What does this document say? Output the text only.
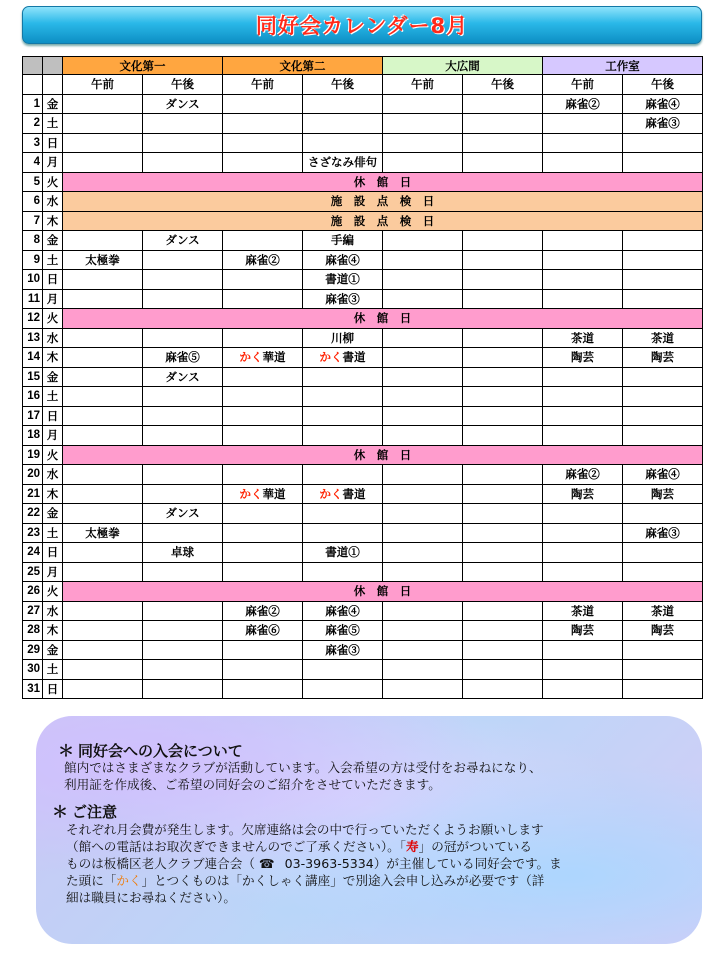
同好会カレンダー8月
		文化第一		文化第二		大広間		工作室	
		午前	午後	午前	午後	午前	午後	午前	午後
1	金		ダンス					麻雀②	麻雀④
2	土								麻雀③
3	日								
4	月				さざなみ俳句				
5	火	休　館　日							
6	水	施　設　点　検　日							
7	木	施　設　点　検　日							
8	金		ダンス		手編				
9	土	太極拳		麻雀②	麻雀④				
10	日				書道①				
11	月				麻雀③				
12	火	休　館　日							
13	水				川柳			茶道	茶道
14	木		麻雀⑤	かく華道	かく書道			陶芸	陶芸
15	金		ダンス						
16	土								
17	日								
18	月								
19	火	休　館　日							
20	水							麻雀②	麻雀④
21	木			かく華道	かく書道			陶芸	陶芸
22	金		ダンス						
23	土	太極拳							麻雀③
24	日		卓球		書道①				
25	月								
26	火	休　館　日							
27	水			麻雀②	麻雀④			茶道	茶道
28	木			麻雀⑥	麻雀⑤			陶芸	陶芸
29	金				麻雀③				
30	土								
31	日								
＊ 同好会への入会について
館内ではさまざまなクラブが活動しています。入会希望の方は受付をお尋ねになり、
利用証を作成後、ご希望の同好会のご紹介をさせていただきます。
＊ ご注意
それぞれ月会費が発生します。欠席連絡は会の中で行っていただくようお願いします
（館への電話はお取次ぎできませんのでご了承ください）。「寿」の冠がついている
ものは板橋区老人クラブ連合会（ ☎ 03-3963-5334）が主催している同好会です。ま
た頭に「かく」とつくものは「かくしゃく講座」で別途入会申し込みが必要です（詳
細は職員にお尋ねください）。
